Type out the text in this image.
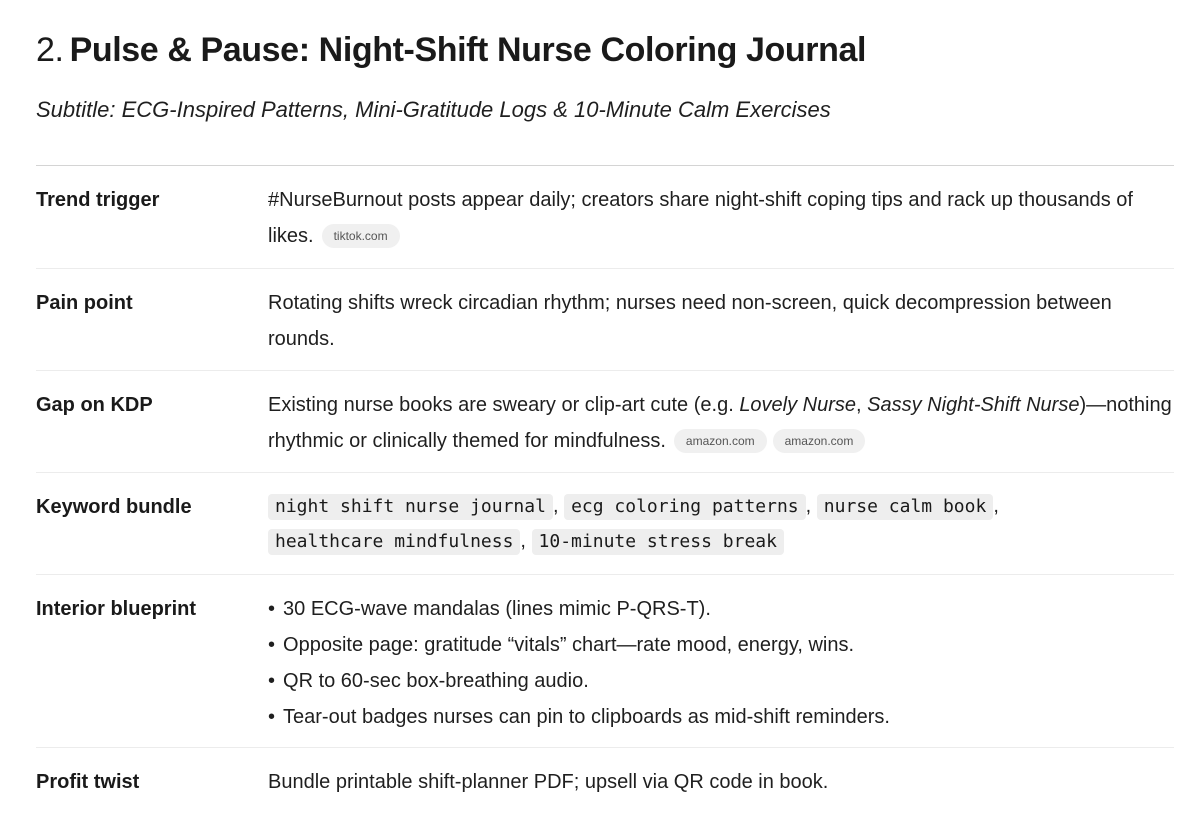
2. Pulse & Pause: Night-Shift Nurse Coloring Journal
Subtitle: ECG-Inspired Patterns, Mini-Gratitude Logs & 10-Minute Calm Exercises
Trend trigger	#NurseBurnout posts appear daily; creators share night-shift coping tips and rack up thousands of likes. tiktok.com
Pain point	Rotating shifts wreck circadian rhythm; nurses need non-screen, quick decompression between rounds.
Gap on KDP	Existing nurse books are sweary or clip-art cute (e.g. Lovely Nurse, Sassy Night-Shift Nurse)—nothing rhythmic or clinically themed for mindfulness. amazon.com	amazon.com
Keyword bundle	night shift nurse journal , ecg coloring patterns , nurse calm book , healthcare mindfulness , 10-minute stress break
Interior blueprint
•	30 ECG-wave mandalas (lines mimic P-QRS-T).
• Opposite page: gratitude “vitals” chart—rate mood, energy, wins.
• QR to 60-sec box-breathing audio.
• Tear-out badges nurses can pin to clipboards as mid-shift reminders.
Profit twist	Bundle printable shift-planner PDF; upsell via QR code in book.
